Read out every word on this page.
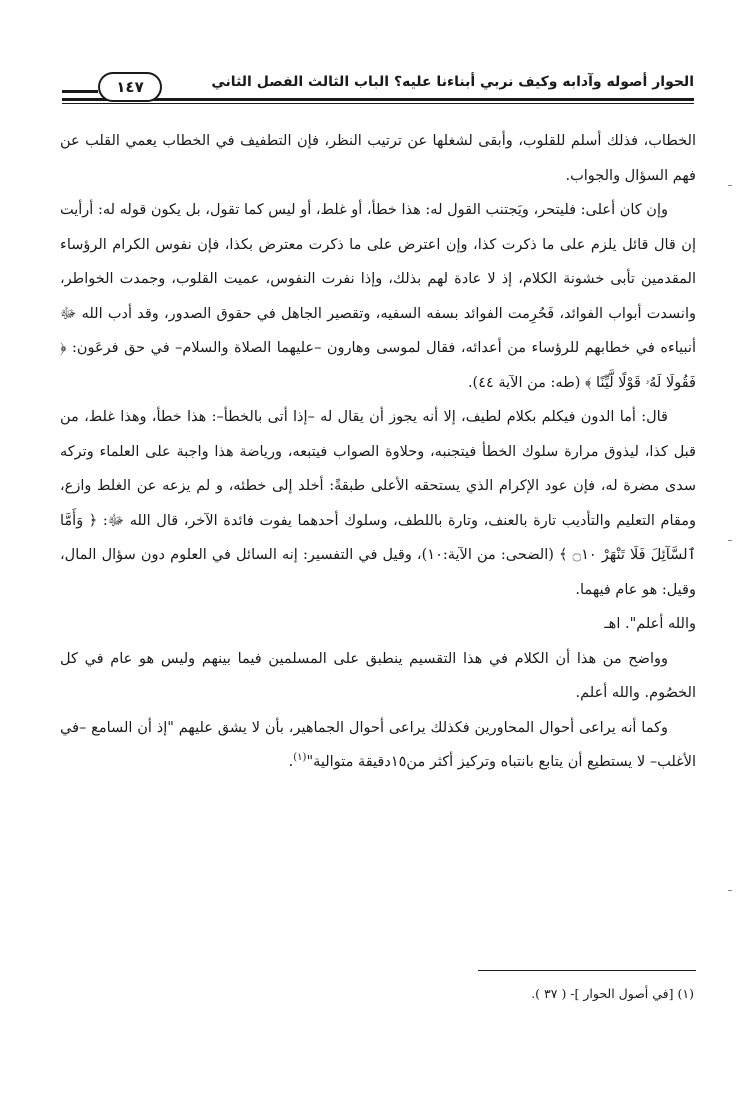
الحوار أصوله وآدابه وكيف نربي أبناءنا عليه؟ الباب الثالث الفصل الثاني
١٤٧

الخطاب، فذلك أسلم للقلوب، وأبقى لشغلها عن ترتيب النظر، فإن التطفيف في الخطاب يعمي القلب عن فهم السؤال والجواب.

وإن كان أعلى: فليتحر، ويَجتنب القول له: هذا خطأ، أو غلط، أو ليس كما تقول، بل يكون قوله له: أرأيت إن قال قائل يلزم على ما ذكرت كذا، وإن اعترض على ما ذكرت معترض بكذا، فإن نفوس الكرام الرؤساء المقدمين تأبى خشونة الكلام، إذ لا عادة لهم بذلك، وإذا نفرت النفوس، عميت القلوب، وجمدت الخواطر، وانسدت أبواب الفوائد، فَحُرِمت الفوائد بسفه السفيه، وتقصير الجاهل في حقوق الصدور، وقد أدب الله ﷻ أنبياءه في خطابهم للرؤساء من أعدائه، فقال لموسى وهارون –عليهما الصلاة والسلام– في حق فرعَون: ﴿ فَقُولَا لَهُۥ قَوْلًا لَّيِّنًا ﴾ (طه: من الآية ٤٤).

قال: أما الدون فيكلم بكلام لطيف، إلا أنه يجوز أن يقال له –إذا أتى بالخطأ–: هذا خطأ، وهذا غلط، من قبل كذا، ليذوق مرارة سلوك الخطأ فيتجنبه، وحلاوة الصواب فيتبعه، ورياضة هذا واجبة على العلماء وتركه سدى مضرة له، فإن عود الإكرام الذي يستحقه الأعلى طبقةً: أخلد إلى خطئه، و لم يزعه عن الغلط وازع، ومقام التعليم والتأديب تارة بالعنف، وتارة باللطف، وسلوك أحدهما يفوت فائدة الآخر، قال الله ﷻ: ﴿ وَأَمَّا ٱلسَّآئِلَ فَلَا تَنْهَرْ ۝١٠ ﴾ (الضحى: من الآية:١٠)، وقيل في التفسير: إنه السائل في العلوم دون سؤال المال، وقيل: هو عام فيهما.

والله أعلم". اهـ

وواضح من هذا أن الكلام في هذا التقسيم ينطبق على المسلمين فيما بينهم وليس هو عام في كل الخصُوم. والله أعلم.

وكما أنه يراعى أحوال المحاورين فكذلك يراعى أحوال الجماهير، بأن لا يشق عليهم "إذ أن السامع –في الأغلب– لا يستطيع أن يتابع بانتباه وتركيز أكثر من١٥دقيقة متوالية"$^{(١)}$.

(١) [في أصول الحوار ]- ( ٣٧ ).
